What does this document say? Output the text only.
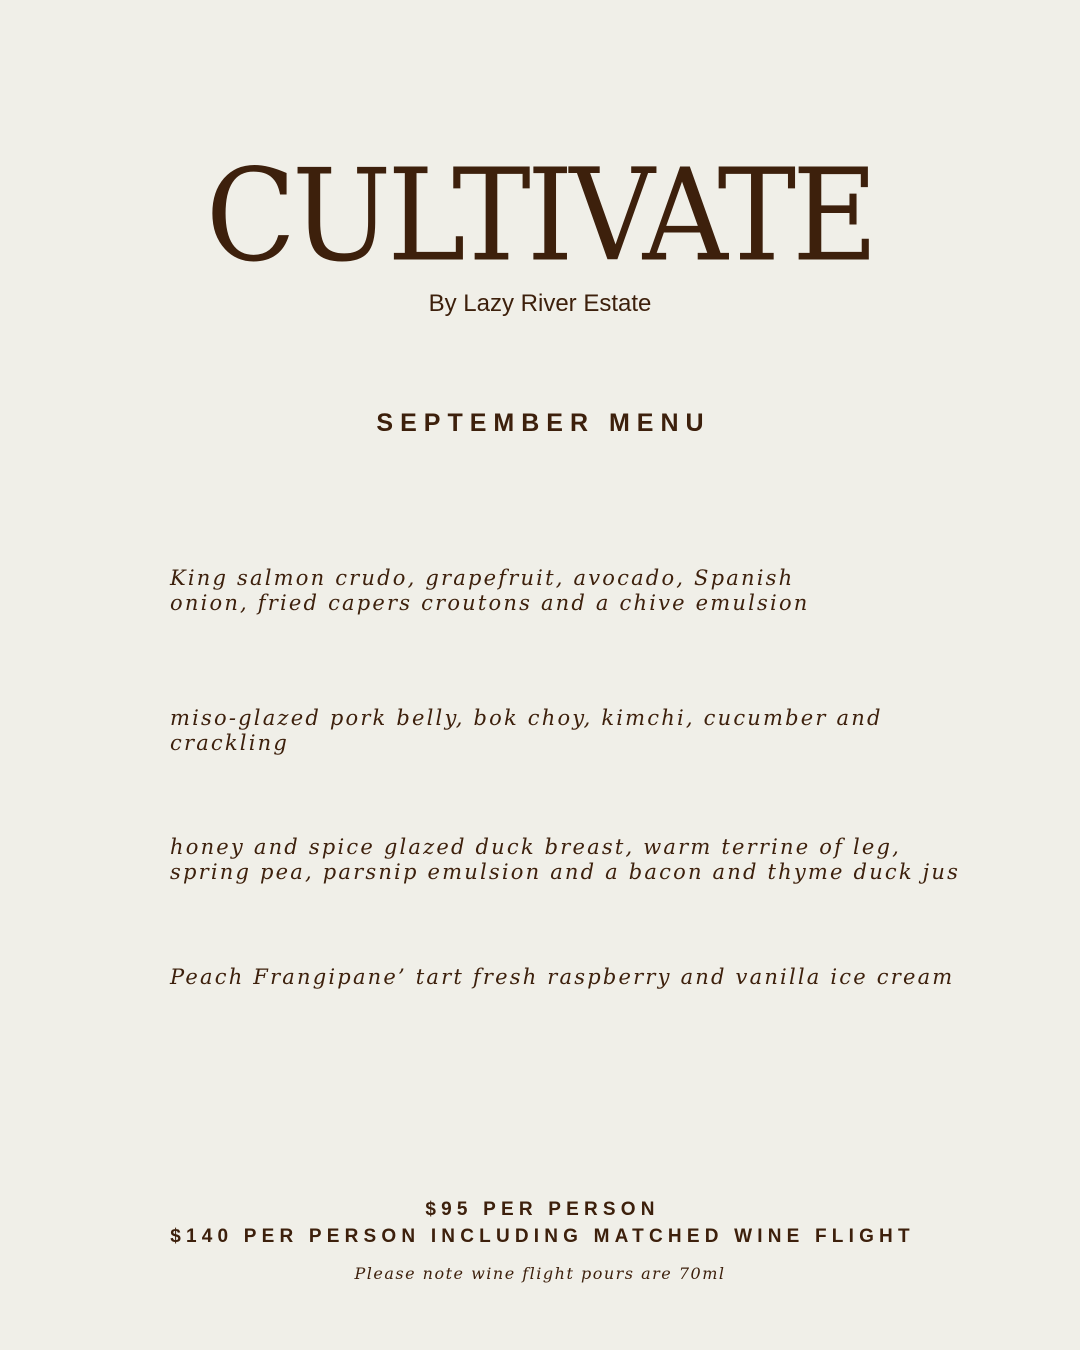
CULTIVATE

By Lazy River Estate

SEPTEMBER MENU
King salmon crudo, grapefruit, avocado, Spanish
onion, fried capers croutons and a chive emulsion
miso-glazed pork belly, bok choy, kimchi, cucumber and
crackling
honey and spice glazed duck breast, warm terrine of leg,
spring pea, parsnip emulsion and a bacon and thyme duck jus
Peach Frangipane’ tart fresh raspberry and vanilla ice cream
$95 PER PERSON
$140 PER PERSON INCLUDING MATCHED WINE FLIGHT
Please note wine flight pours are 70ml
